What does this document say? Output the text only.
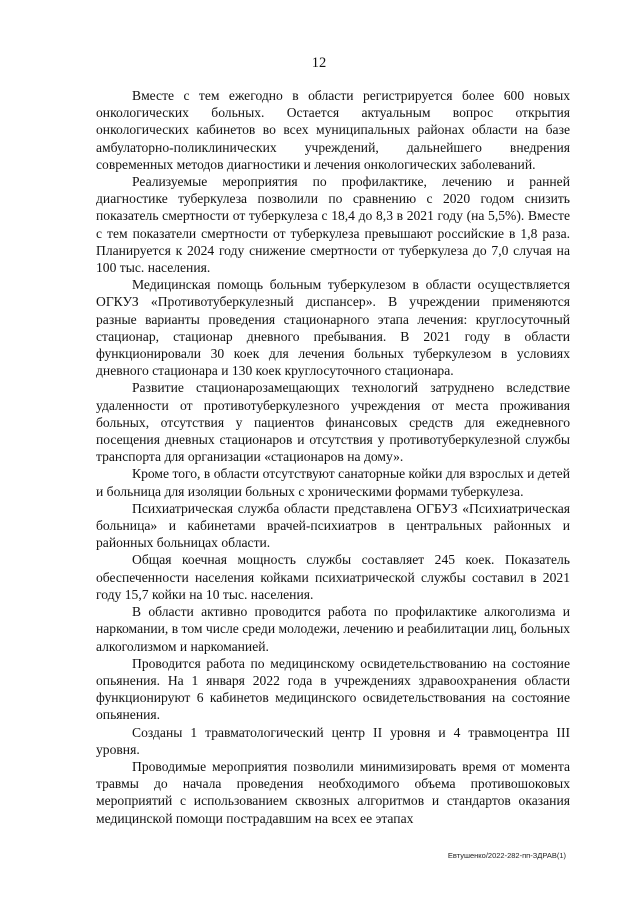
12

Вместе с тем ежегодно в области регистрируется более 600 новых онкологических больных. Остается актуальным вопрос открытия онкологических кабинетов во всех муниципальных районах области на базе амбулаторно-поликлинических учреждений, дальнейшего внедрения современных методов диагностики и лечения онкологических заболеваний.

Реализуемые мероприятия по профилактике, лечению и ранней диагностике туберкулеза позволили по сравнению с 2020 годом снизить показатель смертности от туберкулеза с 18,4 до 8,3 в 2021 году (на 5,5%). Вместе с тем показатели смертности от туберкулеза превышают российские в 1,8 раза. Планируется к 2024 году снижение смертности от туберкулеза до 7,0 случая на 100 тыс. населения.

Медицинская помощь больным туберкулезом в области осуществляется ОГКУЗ «Противотуберкулезный диспансер». В учреждении применяются разные варианты проведения стационарного этапа лечения: круглосуточный стационар, стационар дневного пребывания. В 2021 году в области функционировали 30 коек для лечения больных туберкулезом в условиях дневного стационара и 130 коек круглосуточного стационара.

Развитие стационарозамещающих технологий затруднено вследствие удаленности от противотуберкулезного учреждения от места проживания больных, отсутствия у пациентов финансовых средств для ежедневного посещения дневных стационаров и отсутствия у противотуберкулезной службы транспорта для организации «стационаров на дому».

Кроме того, в области отсутствуют санаторные койки для взрослых и детей и больница для изоляции больных с хроническими формами туберкулеза.

Психиатрическая служба области представлена ОГБУЗ «Психиатрическая больница» и кабинетами врачей-психиатров в центральных районных и районных больницах области.

Общая коечная мощность службы составляет 245 коек. Показатель обеспеченности населения койками психиатрической службы составил в 2021 году 15,7 койки на 10 тыс. населения.

В области активно проводится работа по профилактике алкоголизма и наркомании, в том числе среди молодежи, лечению и реабилитации лиц, больных алкоголизмом и наркоманией.

Проводится работа по медицинскому освидетельствованию на состояние опьянения. На 1 января 2022 года в учреждениях здравоохранения области функционируют 6 кабинетов медицинского освидетельствования на состояние опьянения.

Созданы 1 травматологический центр II уровня и 4 травмоцентра III уровня.

Проводимые мероприятия позволили минимизировать время от момента травмы до начала проведения необходимого объема противошоковых мероприятий с использованием сквозных алгоритмов и стандартов оказания медицинской помощи пострадавшим на всех ее этапах

Евтушенко/2022-282-пп-ЗДРАВ(1)
